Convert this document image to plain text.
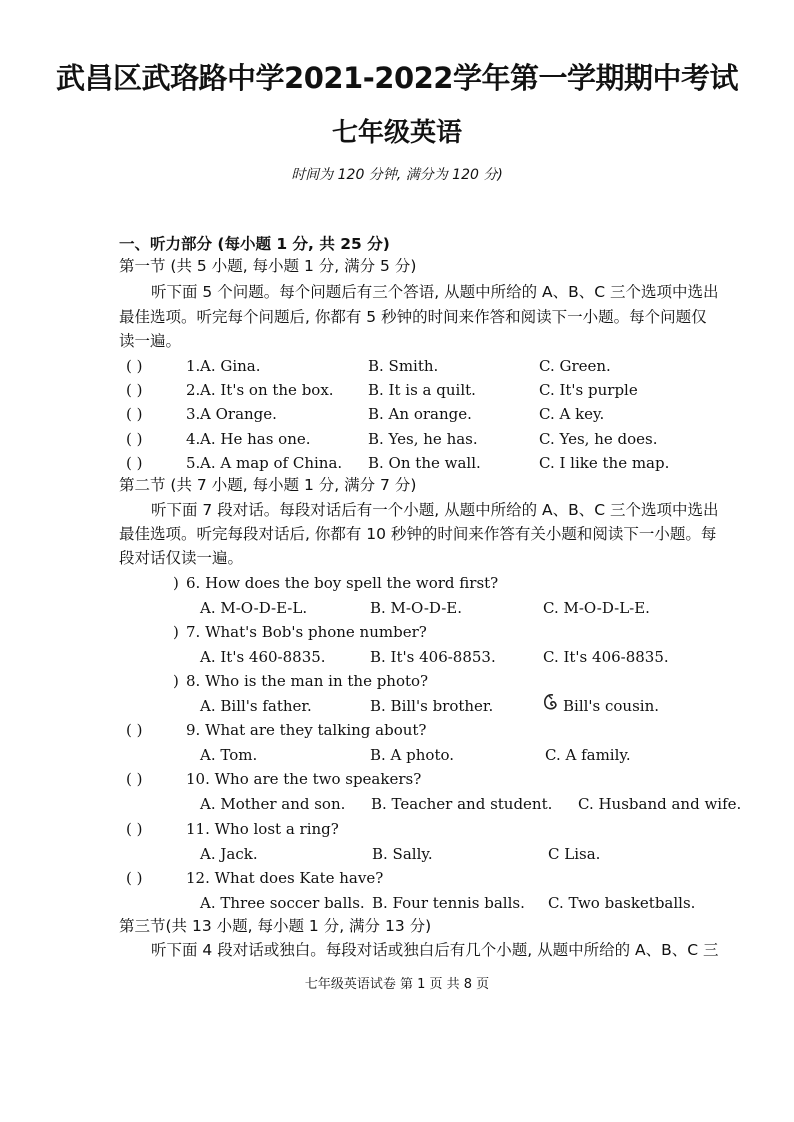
武昌区武珞路中学2021-2022学年第一学期期中考试
七年级英语
时间为 120 分钟, 满分为 120 分)
一、听力部分 (每小题 1 分, 共 25 分)
第一节 (共 5 小题, 每小题 1 分, 满分 5 分)
听下面 5 个问题。每个问题后有三个答语, 从题中所给的 A、B、C 三个选项中选出
最佳选项。听完每个问题后, 你都有 5 秒钟的时间来作答和阅读下一小题。每个问题仅
读一遍。
( )	1. A. Gina.	B. Smith.	C. Green.
( )	2. A. It's on the box. B. It is a quilt.	C. It's purple
( )	3. A Orange.	B. An orange.	C. A key.
( )	4. A. He has one.	B. Yes, he has.	C. Yes, he does.
( )	5. A. A map of China. B. On the wall.	C. I like the map.
第二节 (共 7 小题, 每小题 1 分, 满分 7 分)
听下面 7 段对话。每段对话后有一个小题, 从题中所给的 A、B、C 三个选项中选出
最佳选项。听完每段对话后, 你都有 10 秒钟的时间来作答有关小题和阅读下一小题。每
段对话仅读一遍。
) 6. How does the boy spell the word first?
A. M-O-D-E-L.	B. M-O-D-E.	C. M-O-D-L-E.
) 7. What's Bob's phone number?
A. It's 460-8835.	B. It's 406-8853.	C. It's 406-8835.
) 8. Who is the man in the photo?
A. Bill's father.	B. Bill's brother.	Bill's cousin.
( )	9. What are they talking about?
A. Tom.	B. A photo.	C. A family.
( )	10. Who are the two speakers?
A. Mother and son. B. Teacher and student. C. Husband and wife.
( )	11. Who lost a ring?
A. Jack.	B. Sally.	C Lisa.
( )	12. What does Kate have?
A. Three soccer balls. B. Four tennis balls. C. Two basketballs.
第三节(共 13 小题, 每小题 1 分, 满分 13 分)
听下面 4 段对话或独白。每段对话或独白后有几个小题, 从题中所给的 A、B、C 三
七年级英语试卷 第 1 页 共 8 页
